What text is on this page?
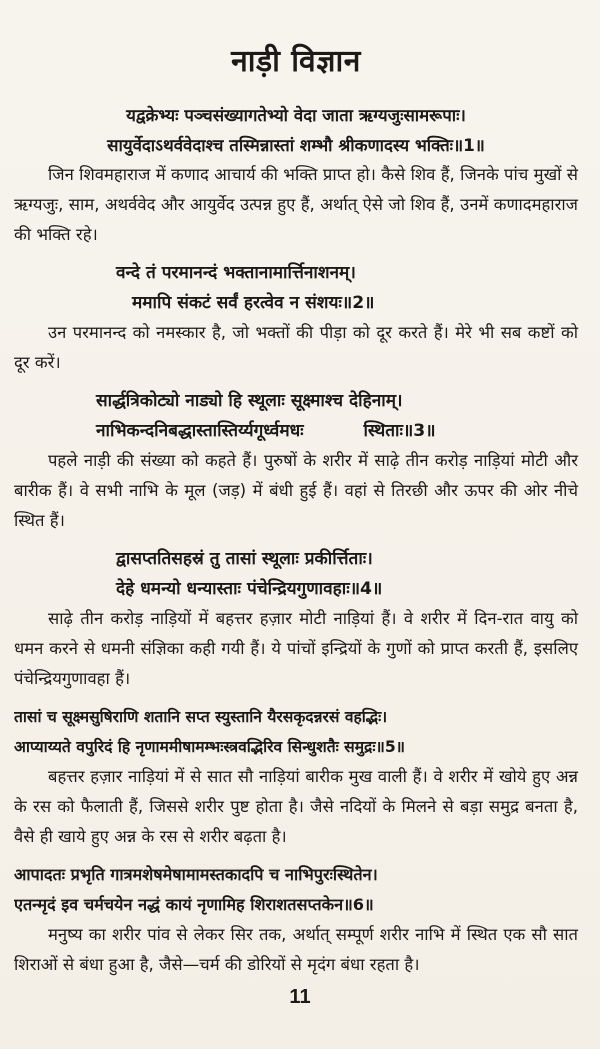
नाड़ी विज्ञान
यद्वक्रेभ्यः पञ्चसंख्यागतेभ्यो वेदा जाता ऋग्यजुःसामरूपाः।
सायुर्वेदाऽथर्ववेदाश्च तस्मिन्नास्तां शम्भौ श्रीकणादस्य भक्तिः॥1॥

जिन शिवमहाराज में कणाद आचार्य की भक्ति प्राप्त हो। कैसे शिव हैं, जिनके पांच मुखों से ऋग्यजुः, साम, अथर्ववेद और आयुर्वेद उत्पन्न हुए हैं, अर्थात् ऐसे जो शिव हैं, उनमें कणादमहाराज की भक्ति रहे।

वन्दे तं परमानन्दं भक्तानामार्त्तिनाशनम्।
ममापि संकटं सर्वं हरत्वेव न संशयः॥2॥

उन परमानन्द को नमस्कार है, जो भक्तों की पीड़ा को दूर करते हैं। मेरे भी सब कष्टों को दूर करें।

सार्द्धत्रिकोट्यो नाड्यो हि स्थूलाः सूक्ष्माश्च देहिनाम्।
नाभिकन्दनिबद्धास्तास्तिर्य्यगूर्ध्वमधः          स्थिताः॥3॥

पहले नाड़ी की संख्या को कहते हैं। पुरुषों के शरीर में साढ़े तीन करोड़ नाड़ियां मोटी और बारीक हैं। वे सभी नाभि के मूल (जड़) में बंधी हुई हैं। वहां से तिरछी और ऊपर की ओर नीचे स्थित हैं।

द्वासप्ततिसहस्रं तु तासां स्थूलाः प्रकीर्त्तिताः।
देहे धमन्यो धन्यास्ताः पंचेन्द्रियगुणावहाः॥4॥

साढ़े तीन करोड़ नाड़ियों में बहत्तर हज़ार मोटी नाड़ियां हैं। वे शरीर में दिन-रात वायु को धमन करने से धमनी संज्ञिका कही गयी हैं। ये पांचों इन्द्रियों के गुणों को प्राप्त करती हैं, इसलिए पंचेन्द्रियगुणावहा हैं।

तासां च सूक्ष्मसुषिराणि शतानि सप्त स्युस्तानि यैरसकृदन्नरसं वहद्भिः।
आप्याय्यते वपुरिदं हि नृणाममीषामम्भःस्त्रवद्भिरिव सिन्धुशतैः समुद्रः॥5॥

बहत्तर हज़ार नाड़ियां में से सात सौ नाड़ियां बारीक मुख वाली हैं। वे शरीर में खोये हुए अन्न के रस को फैलाती हैं, जिससे शरीर पुष्ट होता है। जैसे नदियों के मिलने से बड़ा समुद्र बनता है, वैसे ही खाये हुए अन्न के रस से शरीर बढ़ता है।

आपादतः प्रभृति गात्रमशेषमेषामामस्तकादपि च नाभिपुरःस्थितेन।
एतन्मृदं इव चर्मचयेन नद्धं कायं नृणामिह शिराशतसप्तकेन॥6॥

मनुष्य का शरीर पांव से लेकर सिर तक, अर्थात् सम्पूर्ण शरीर नाभि में स्थित एक सौ सात शिराओं से बंधा हुआ है, जैसे—चर्म की डोरियों से मृदंग बंधा रहता है।

11
